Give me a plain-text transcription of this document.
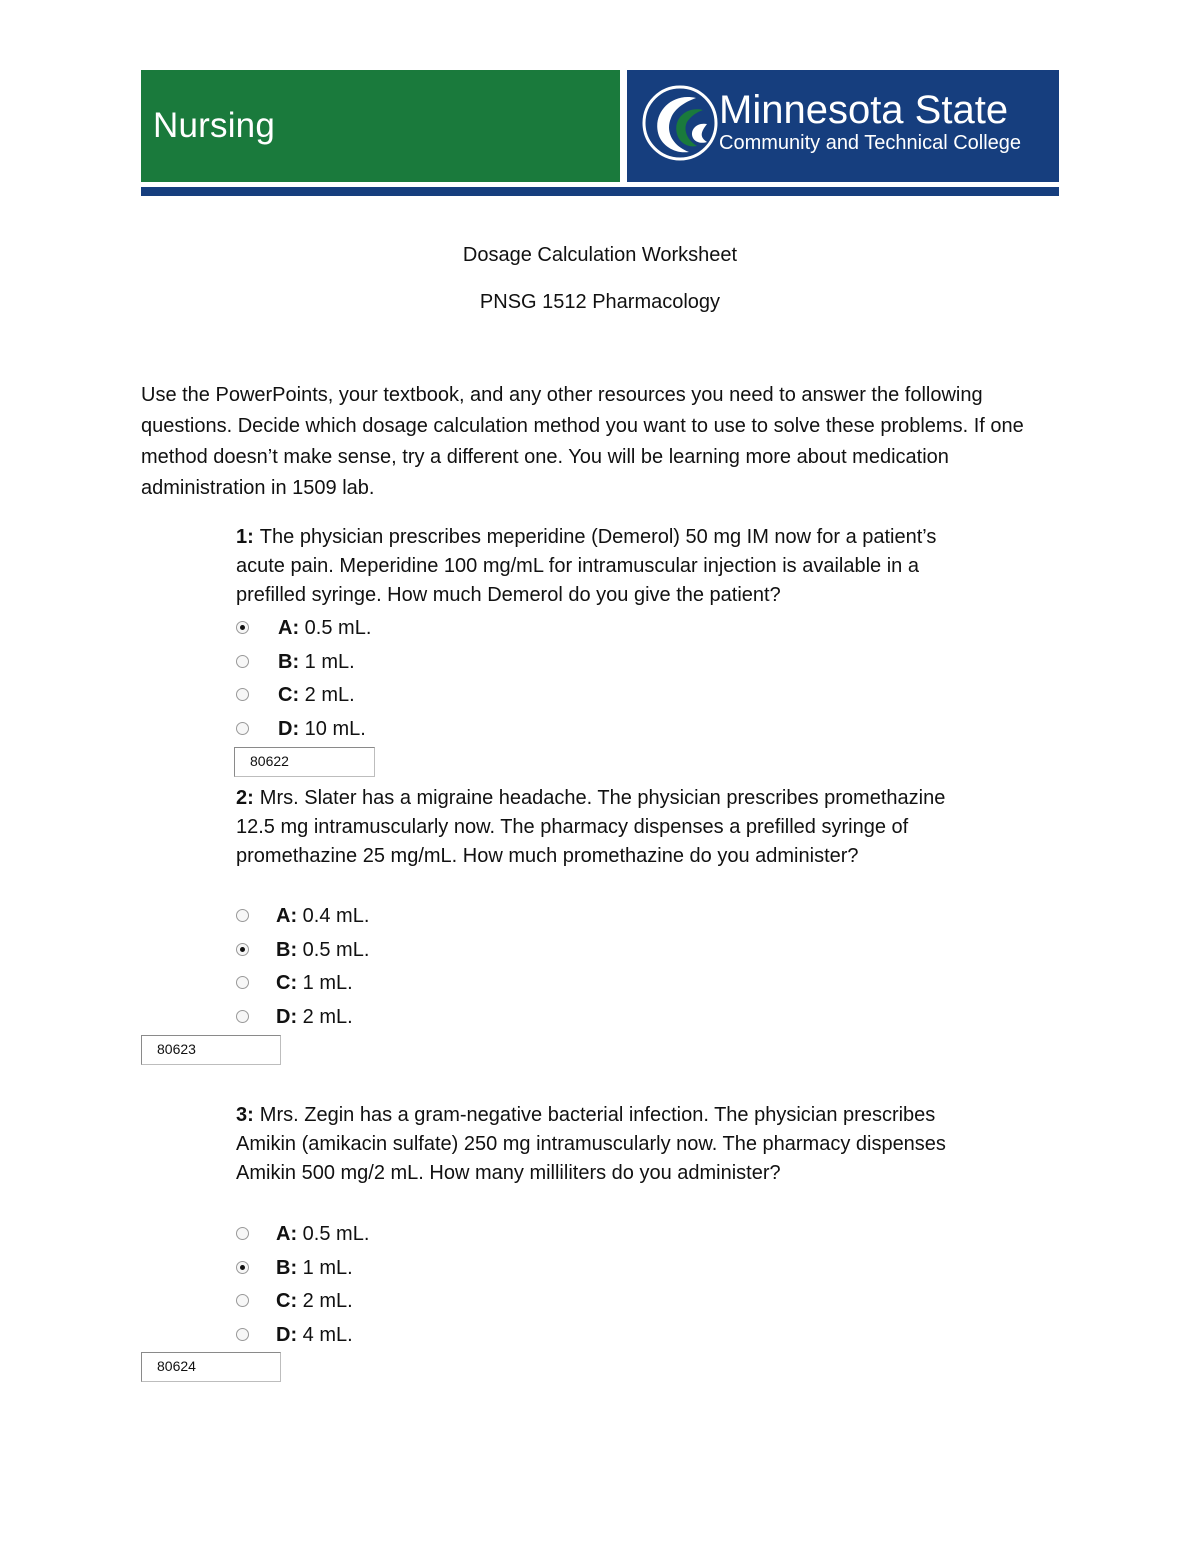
Nursing	Minnesota State
Community and Technical College
Dosage Calculation Worksheet
PNSG 1512 Pharmacology
Use the PowerPoints, your textbook, and any other resources you need to answer the following questions. Decide which dosage calculation method you want to use to solve these problems. If one method doesn’t make sense, try a different one. You will be learning more about medication administration in 1509 lab.
1: The physician prescribes meperidine (Demerol) 50 mg IM now for a patient’s acute pain. Meperidine 100 mg/mL for intramuscular injection is available in a prefilled syringe. How much Demerol do you give the patient?
A: 0.5 mL.
B: 1 mL.
C: 2 mL.
D: 10 mL.
80622
2: Mrs. Slater has a migraine headache. The physician prescribes promethazine 12.5 mg intramuscularly now. The pharmacy dispenses a prefilled syringe of promethazine 25 mg/mL. How much promethazine do you administer?
A: 0.4 mL.
B: 0.5 mL.
C: 1 mL.
D: 2 mL.
80623
3: Mrs. Zegin has a gram-negative bacterial infection. The physician prescribes Amikin (amikacin sulfate) 250 mg intramuscularly now. The pharmacy dispenses Amikin 500 mg/2 mL. How many milliliters do you administer?
A: 0.5 mL.
B: 1 mL.
C: 2 mL.
D: 4 mL.
80624
